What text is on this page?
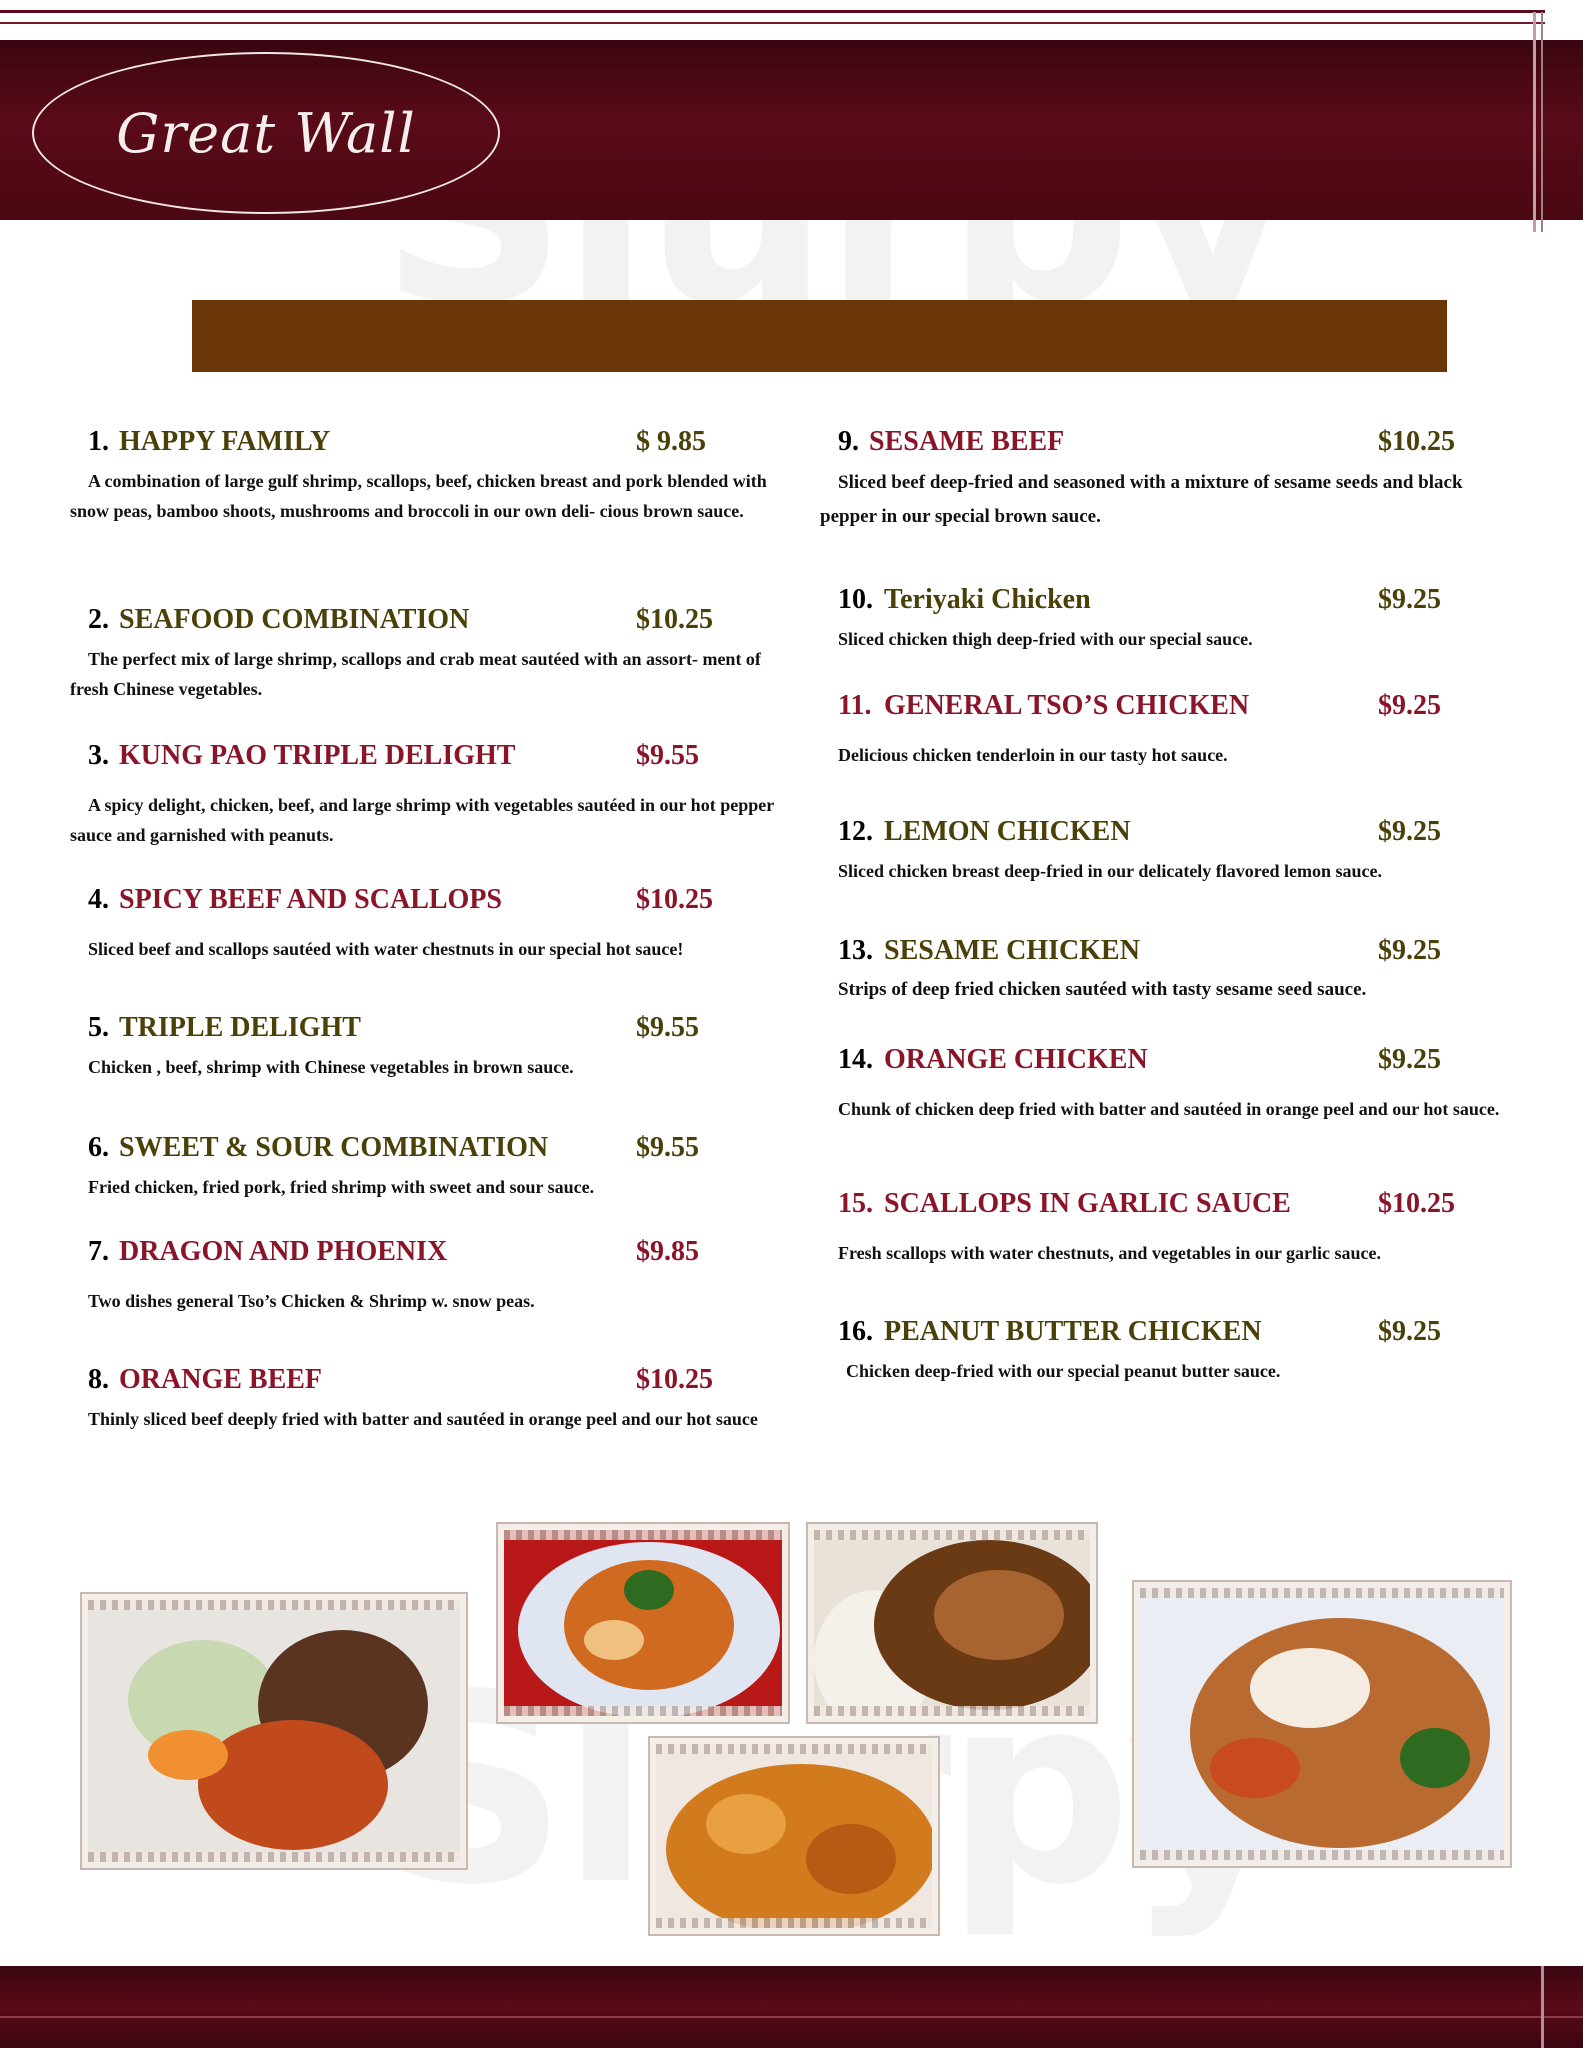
Great Wall
1. HAPPY FAMILY	$ 9.85
A combination of large gulf shrimp, scallops, beef, chicken breast and pork blended with snow peas, bamboo shoots, mushrooms and broccoli in our own deli- cious brown sauce.
2. SEAFOOD COMBINATION	$10.25
The perfect mix of large shrimp, scallops and crab meat sautéed with an assort- ment of fresh Chinese vegetables.
3. KUNG PAO TRIPLE DELIGHT	$9.55
A spicy delight, chicken, beef, and large shrimp with vegetables sautéed in our hot pepper sauce and garnished with peanuts.
4. SPICY BEEF AND SCALLOPS	$10.25
Sliced beef and scallops sautéed with water chestnuts in our special hot sauce!
5. TRIPLE DELIGHT	$9.55
Chicken , beef, shrimp with Chinese vegetables in brown sauce.
6. SWEET & SOUR COMBINATION	$9.55
Fried chicken, fried pork, fried shrimp with sweet and sour sauce.
7. DRAGON AND PHOENIX	$9.85
Two dishes general Tso’s Chicken & Shrimp w. snow peas.
8. ORANGE BEEF	$10.25
Thinly sliced beef deeply fried with batter and sautéed in orange peel and our hot sauce
9. SESAME BEEF	$10.25
Sliced beef deep-fried and seasoned with a mixture of sesame seeds and black pepper in our special brown sauce.
10. Teriyaki Chicken	$9.25
Sliced chicken thigh deep-fried with our special sauce.
11. GENERAL TSO’S CHICKEN	$9.25
Delicious chicken tenderloin in our tasty hot sauce.
12. LEMON CHICKEN	$9.25
Sliced chicken breast deep-fried in our delicately flavored lemon sauce.
13. SESAME CHICKEN	$9.25
Strips of deep fried chicken sautéed with tasty sesame seed sauce.
14. ORANGE CHICKEN	$9.25
Chunk of chicken deep fried with batter and sautéed in orange peel and our hot sauce.
15. SCALLOPS IN GARLIC SAUCE	$10.25
Fresh scallops with water chestnuts, and vegetables in our garlic sauce.
16. PEANUT BUTTER CHICKEN	$9.25
Chicken deep-fried with our special peanut butter sauce.
